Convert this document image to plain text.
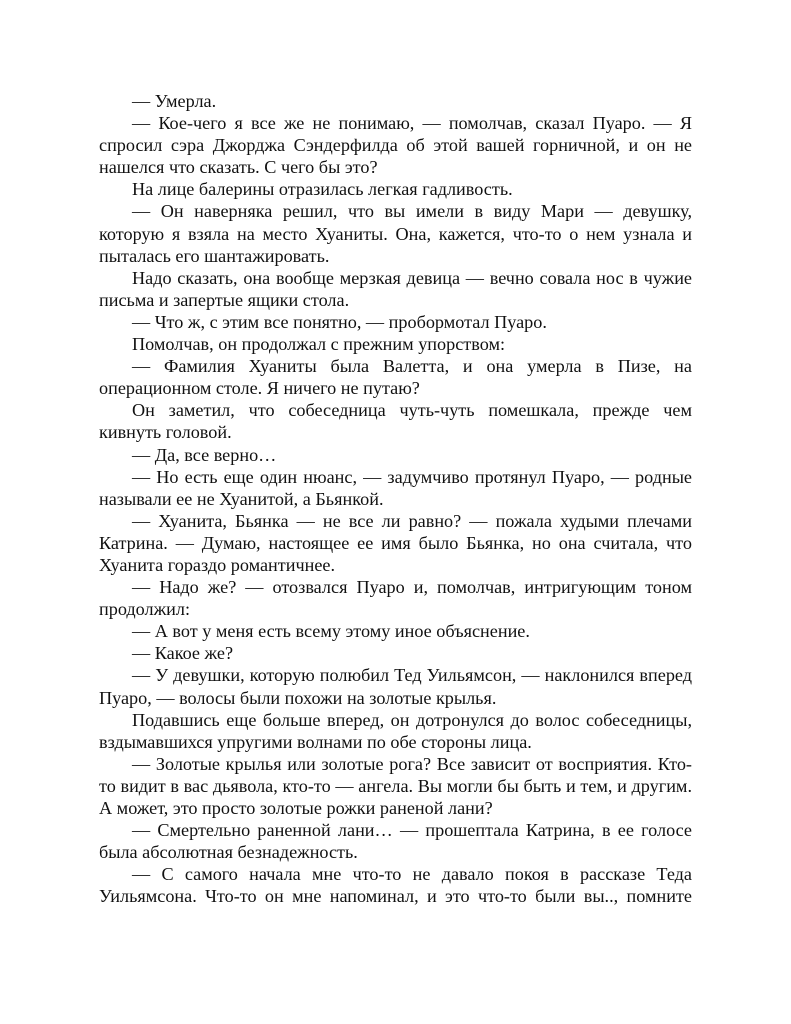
— Умерла.

— Кое-чего я все же не понимаю, — помолчав, сказал Пуаро. — Я спросил сэра Джорджа Сэндерфилда об этой вашей горничной, и он не нашелся что сказать. С чего бы это?

На лице балерины отразилась легкая гадливость.

— Он наверняка решил, что вы имели в виду Мари — девушку, которую я взяла на место Хуаниты. Она, кажется, что-то о нем узнала и пыталась его шантажировать.

Надо сказать, она вообще мерзкая девица — вечно совала нос в чужие письма и запертые ящики стола.

— Что ж, с этим все понятно, — пробормотал Пуаро.

Помолчав, он продолжал с прежним упорством:

— Фамилия Хуаниты была Валетта, и она умерла в Пизе, на операционном столе. Я ничего не путаю?

Он заметил, что собеседница чуть-чуть помешкала, прежде чем кивнуть головой.

— Да, все верно…

— Но есть еще один нюанс, — задумчиво протянул Пуаро, — родные называли ее не Хуанитой, а Бьянкой.

— Хуанита, Бьянка — не все ли равно? — пожала худыми плечами Катрина. — Думаю, настоящее ее имя было Бьянка, но она считала, что Хуанита гораздо романтичнее.

— Надо же? — отозвался Пуаро и, помолчав, интригующим тоном продолжил:

— А вот у меня есть всему этому иное объяснение.

— Какое же?

— У девушки, которую полюбил Тед Уильямсон, — наклонился вперед Пуаро, — волосы были похожи на золотые крылья.

Подавшись еще больше вперед, он дотронулся до волос собеседницы, вздымавшихся упругими волнами по обе стороны лица.

— Золотые крылья или золотые рога? Все зависит от восприятия. Кто-то видит в вас дьявола, кто-то — ангела. Вы могли бы быть и тем, и другим. А может, это просто золотые рожки раненой лани?

— Смертельно раненной лани… — прошептала Катрина, в ее голосе была абсолютная безнадежность.

— С самого начала мне что-то не давало покоя в рассказе Теда Уильямсона. Что-то он мне напоминал, и это что-то были вы.., помните
